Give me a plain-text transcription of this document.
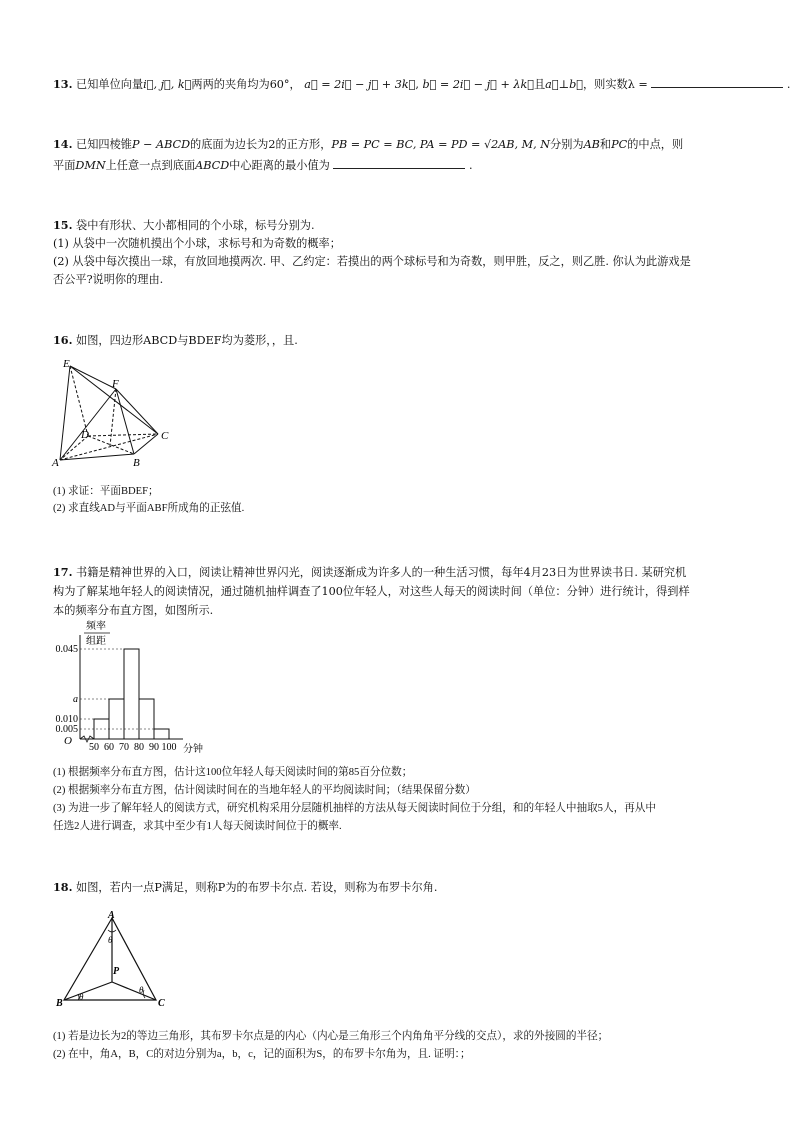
13. 已知单位向量i⃗, j⃗, k⃗两两的夹角均为60°， a⃗ = 2i⃗ − j⃗ + 3k⃗, b⃗ = 2i⃗ − j⃗ + λk⃗且a⃗⊥b⃗，则实数λ =	.
14. 已知四棱锥P − ABCD的底面为边长为2的正方形，PB = PC = BC, PA = PD = √2AB, M, N分别为AB和PC的中点，则
平面DMN上任意一点到底面ABCD中心距离的最小值为	.
15. 袋中有形状、大小都相同的个小球，标号分别为.
(1) 从袋中一次随机摸出个小球，求标号和为奇数的概率；
(2) 从袋中每次摸出一球，有放回地摸两次. 甲、乙约定：若摸出的两个球标号和为奇数，则甲胜，反之，则乙胜. 你认为此游戏是
否公平?说明你的理由.
16. 如图，四边形ABCD与BDEF均为菱形，，且.
E
F
D	C
A	B
(1) 求证：平面BDEF；
(2) 求直线AD与平面ABF所成角的正弦值.
17. 书籍是精神世界的入口，阅读让精神世界闪光，阅读逐渐成为许多人的一种生活习惯，每年4月23日为世界读书日. 某研究机
构为了解某地年轻人的阅读情况，通过随机抽样调查了100位年轻人，对这些人每天的阅读时间（单位：分钟）进行统计，得到样
本的频率分布直方图，如图所示.
频率
组距
O
分钟
0.045
a
0.010
0.005
50 60 70 80 90 100
(1) 根据频率分布直方图，估计这100位年轻人每天阅读时间的第85百分位数；
(2) 根据频率分布直方图，估计阅读时间在的当地年轻人的平均阅读时间；（结果保留分数）
(3) 为进一步了解年轻人的阅读方式，研究机构采用分层随机抽样的方法从每天阅读时间位于分组，和的年轻人中抽取5人，再从中
任选2人进行调查，求其中至少有1人每天阅读时间位于的概率.
18. 如图，若内一点P满足，则称P为的布罗卡尔点. 若设，则称为布罗卡尔角.
A
θ
P
B
θ
θ
C
(1) 若是边长为2的等边三角形，其布罗卡尔点是的内心（内心是三角形三个内角角平分线的交点），求的外接圆的半径；
(2) 在中，角A，B，C的对边分别为a，b，c，记的面积为S，的布罗卡尔角为，且. 证明：；
